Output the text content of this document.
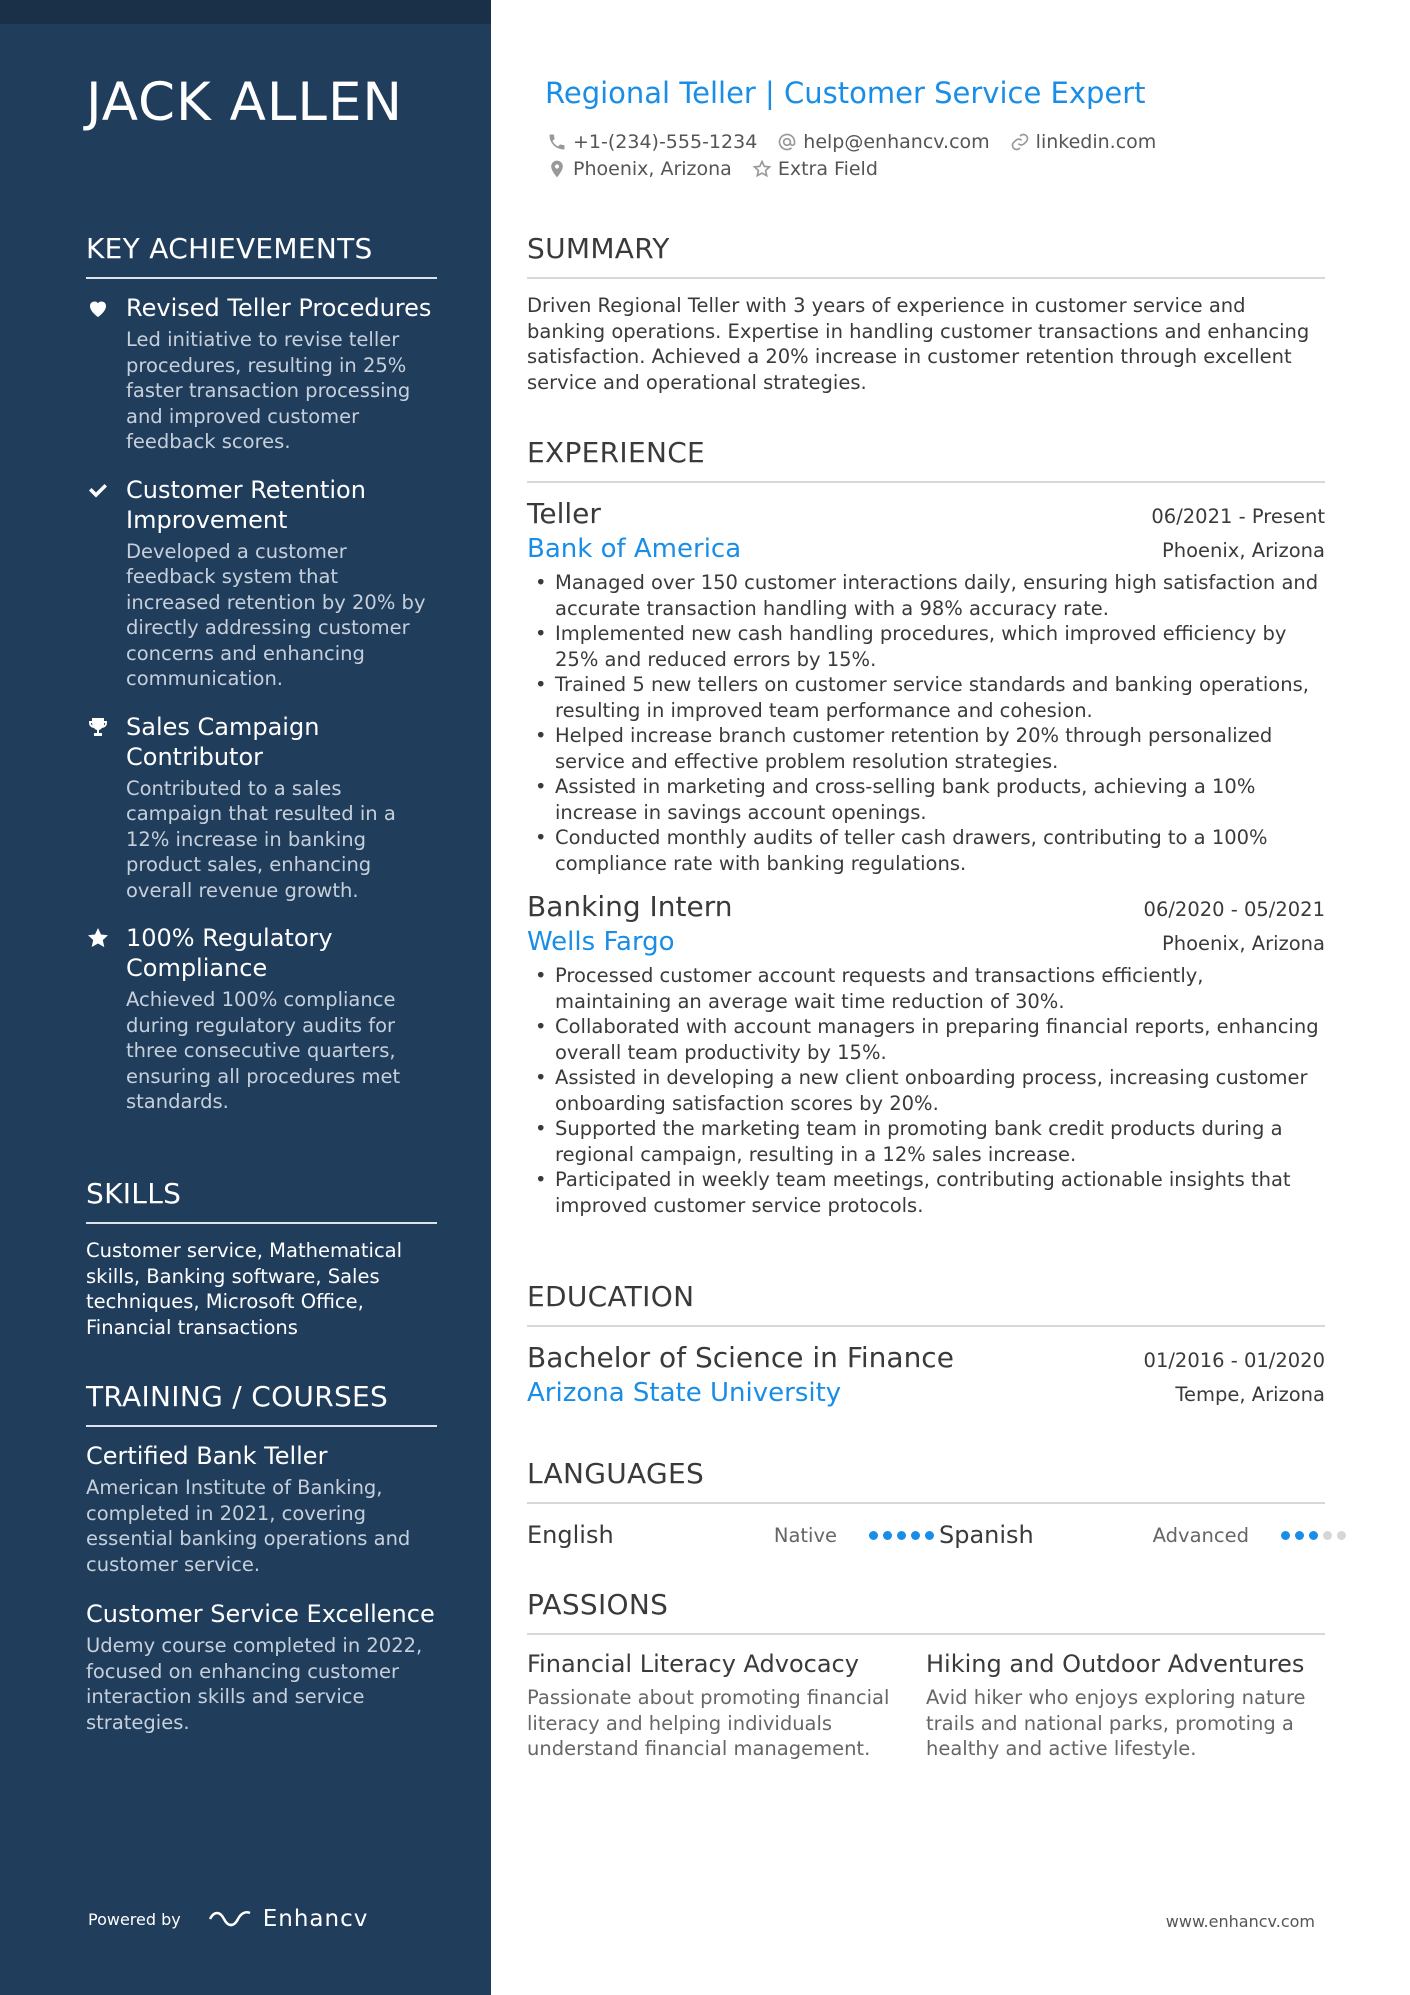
JACK ALLEN
KEY ACHIEVEMENTS
Revised Teller Procedures
Led initiative to revise teller procedures, resulting in 25% faster transaction processing and improved customer feedback scores.
Customer Retention Improvement
Developed a customer feedback system that increased retention by 20% by directly addressing customer concerns and enhancing communication.
Sales Campaign Contributor
Contributed to a sales campaign that resulted in a 12% increase in banking product sales, enhancing overall revenue growth.
100% Regulatory Compliance
Achieved 100% compliance during regulatory audits for three consecutive quarters, ensuring all procedures met standards.
SKILLS
Customer service, Mathematical skills, Banking software, Sales techniques, Microsoft Office, Financial transactions
TRAINING / COURSES
Certified Bank Teller
American Institute of Banking, completed in 2021, covering essential banking operations and customer service.
Customer Service Excellence
Udemy course completed in 2022, focused on enhancing customer interaction skills and service strategies.
Powered by	Enhancv
Regional Teller | Customer Service Expert
+1-(234)-555-1234 help@enhancv.com linkedin.com
Phoenix, Arizona Extra Field
SUMMARY
Driven Regional Teller with 3 years of experience in customer service and banking operations. Expertise in handling customer transactions and enhancing satisfaction. Achieved a 20% increase in customer retention through excellent service and operational strategies.
EXPERIENCE
Teller	06/2021 - Present
Bank of America	Phoenix, Arizona
• Managed over 150 customer interactions daily, ensuring high satisfaction and accurate transaction handling with a 98% accuracy rate.
• Implemented new cash handling procedures, which improved efficiency by 25% and reduced errors by 15%.
• Trained 5 new tellers on customer service standards and banking operations, resulting in improved team performance and cohesion.
• Helped increase branch customer retention by 20% through personalized service and effective problem resolution strategies.
• Assisted in marketing and cross-selling bank products, achieving a 10% increase in savings account openings.
• Conducted monthly audits of teller cash drawers, contributing to a 100% compliance rate with banking regulations.
Banking Intern	06/2020 - 05/2021
Wells Fargo	Phoenix, Arizona
• Processed customer account requests and transactions efficiently, maintaining an average wait time reduction of 30%.
• Collaborated with account managers in preparing financial reports, enhancing overall team productivity by 15%.
• Assisted in developing a new client onboarding process, increasing customer onboarding satisfaction scores by 20%.
• Supported the marketing team in promoting bank credit products during a regional campaign, resulting in a 12% sales increase.
• Participated in weekly team meetings, contributing actionable insights that improved customer service protocols.
EDUCATION
Bachelor of Science in Finance	01/2016 - 01/2020
Arizona State University	Tempe, Arizona
LANGUAGES
English	Native	Spanish	Advanced
PASSIONS
Financial Literacy Advocacy
Passionate about promoting financial literacy and helping individuals understand financial management.
Hiking and Outdoor Adventures
Avid hiker who enjoys exploring nature trails and national parks, promoting a healthy and active lifestyle.
www.enhancv.com
